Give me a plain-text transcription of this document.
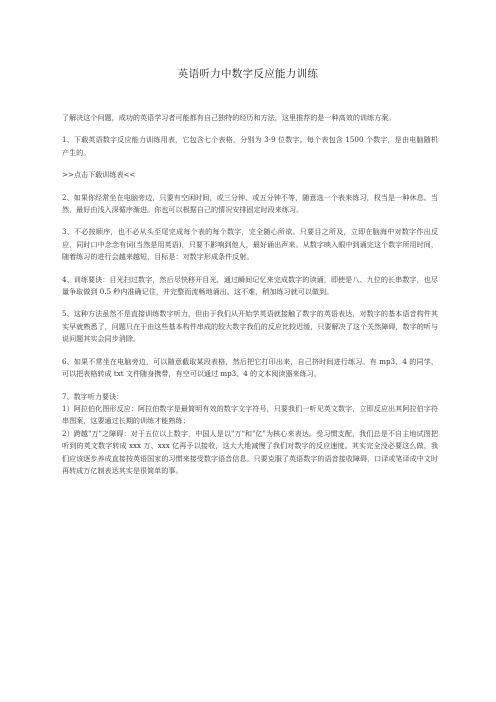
英语听力中数字反应能力训练

了解决这个问题，成功的英语学习者可能都有自己独特的经历和方法，这里推荐的是一种高效的训练方案。

1、下载英语数字反应能力训练用表，它包含七个表格，分别为 3-9 位数字。每个表包含 1500 个数字，是由电脑随机产生的。

>>点击下载训练表<<

2、如果你经常坐在电脑旁边，只要有空闲时间，或三分钟、或五分钟不等，随意选一个表来练习，权当是一种休息。当然，最好由浅入深循序渐进。你也可以根据自己的情况安排固定时段来练习。

3、不必按顺序，也不必从头至尾完成每个表的每个数字，完全随心所欲。只要目之所及，立即在脑海中对数字作出反应，同时口中念念有词(当然是用英语)，只要不影响到他人，最好诵出声来。从数字映入眼中到诵完这个数字所用时间，随着练习的进行会越来越短，目标是：对数字形成条件反射。

4、训练要诀：目光扫过数字，然后尽快移开目光，通过瞬间记忆来完成数字的读诵，即使是八、九位的长串数字，也尽量争取做到 0.5 秒内准确记住，并完整而流畅地诵出。这不难，稍加练习就可以做到。

5、这种方法虽然不是直接训练数字听力，但由于我们从开始学英语就接触了数字的英语表达，对数字的基本语音构件其实早就熟悉了，问题只在于由这些基本构件串成的较大数字我们的反应比较迟缓，只要解决了这个关然障碍，数字的听与说问题其实会同步消除。

6、如果不常坐在电脑旁边，可以随意截取某段表格，然后把它打印出来，自己挤时间进行练习。有 mp3、4 的同学，可以把表格转成 txt 文件随身携带，有空可以通过 mp3、4 的文本阅读器来练习。

7、数字听力要诀：

1）阿拉伯化图形反应：阿拉伯数字是最简明有效的数字文字符号，只要我们一听见英文数字，立即反应出其阿拉伯字符串图案，这要通过长期的训练才能熟练；

2）跨越"万"之障碍：对于五位以上数字，中国人是以"万"和"亿"为核心来表达。受习惯支配，我们总是不自主地试图把听到的英文数字转成 xxx 万、xxx 亿再予以接收，这大大地减慢了我们对数字的反应速度。其实完全没必要这么做，我们应该逐步养成直接按英语国家的习惯来接受数字语音信息。只要克服了英语数字的语音接收障碍，口译或笔译成中文时再转成万亿制表达其实是很简单的事。
